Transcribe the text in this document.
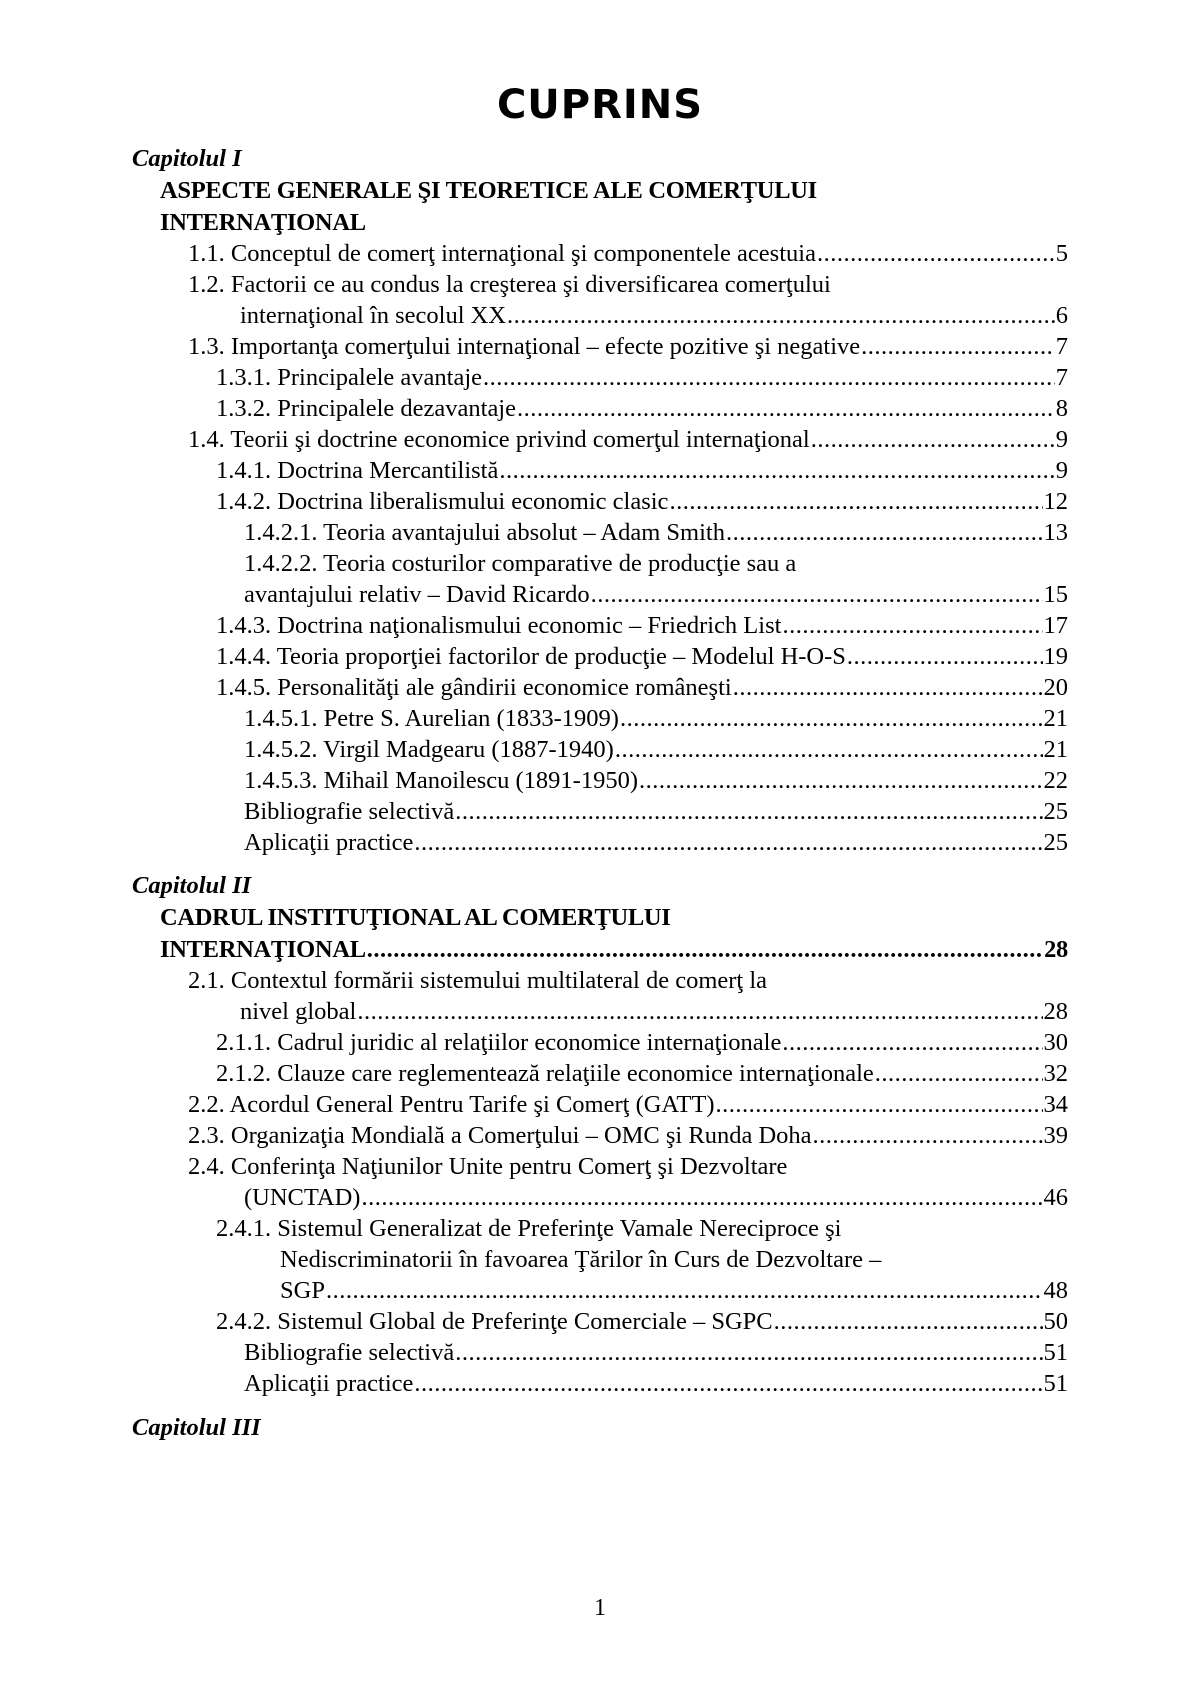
CUPRINS
Capitolul I
ASPECTE GENERALE ŞI TEORETICE ALE COMERŢULUI
INTERNAŢIONAL
1.1. Conceptul de comerţ internaţional şi componentele acestuia .....	5
1.2. Factorii ce au condus la creşterea şi diversificarea comerţului
internaţional în secolul XX .....	6
1.3. Importanţa comerţului internaţional – efecte pozitive şi negative .....	7
1.3.1. Principalele avantaje .....	7
1.3.2. Principalele dezavantaje .....	8
1.4. Teorii şi doctrine economice privind comerţul internaţional .....	9
1.4.1. Doctrina Mercantilistă .....	9
1.4.2. Doctrina liberalismului economic clasic .....	12
1.4.2.1. Teoria avantajului absolut – Adam Smith .....	13
1.4.2.2. Teoria costurilor comparative de producţie sau a
avantajului relativ – David Ricardo .....	15
1.4.3. Doctrina naţionalismului economic – Friedrich List .....	17
1.4.4. Teoria proporţiei factorilor de producţie – Modelul H-O-S .....	19
1.4.5. Personalităţi ale gândirii economice româneşti .....	20
1.4.5.1. Petre S. Aurelian (1833-1909) .....	21
1.4.5.2. Virgil Madgearu (1887-1940) .....	21
1.4.5.3. Mihail Manoilescu (1891-1950) .....	22
Bibliografie selectivă .....	25
Aplicaţii practice .....	25
Capitolul II
CADRUL INSTITUŢIONAL AL COMERŢULUI
INTERNAŢIONAL .....	28
2.1. Contextul formării sistemului multilateral de comerţ la
nivel global .....	28
2.1.1. Cadrul juridic al relaţiilor economice internaţionale .....	30
2.1.2. Clauze care reglementează relaţiile economice internaţionale .....	32
2.2. Acordul General Pentru Tarife şi Comerţ (GATT) .....	34
2.3. Organizaţia Mondială a Comerţului – OMC şi Runda Doha .....	39
2.4. Conferinţa Naţiunilor Unite pentru Comerţ şi Dezvoltare
(UNCTAD) .....	46
2.4.1. Sistemul Generalizat de Preferinţe Vamale Nereciproce şi
Nediscriminatorii în favoarea Ţărilor în Curs de Dezvoltare –
SGP .....	48
2.4.2. Sistemul Global de Preferinţe Comerciale – SGPC .....	50
Bibliografie selectivă .....	51
Aplicaţii practice .....	51
Capitolul III
1
